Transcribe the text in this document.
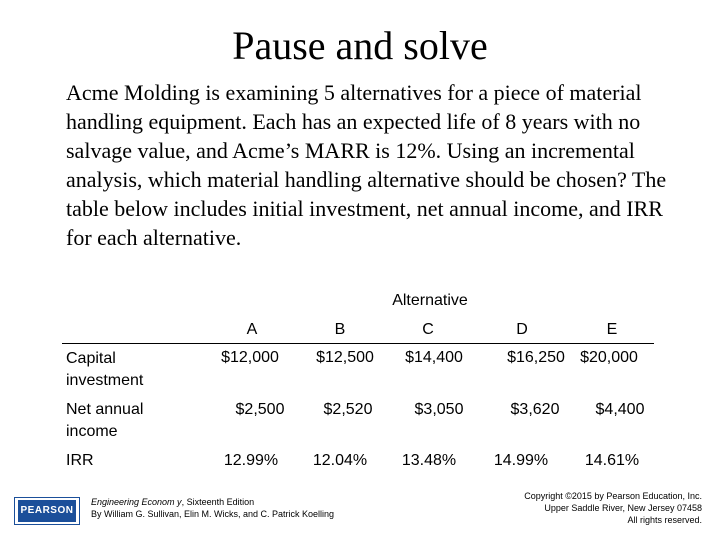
Pause and solve
Acme Molding is examining 5 alternatives for a piece of material handling equipment. Each has an expected life of 8 years with no salvage value, and Acme’s MARR is 12%. Using an incremental analysis, which material handling alternative should be chosen? The table below includes initial investment, net annual income, and IRR for each alternative.
Alternative
A	B	C	D	E
Capital
investment
$12,000	$12,500	$14,400	$16,250 $20,000
Net annual
income
$2,500	$2,520	$3,050	$3,620	$4,400
IRR	12.99%	12.04%	13.48%	14.99%	14.61%
PEARSON
Engineering Econom y, Sixteenth Edition
By William G. Sullivan, Elin M. Wicks, and C. Patrick Koelling
Copyright ©2015 by Pearson Education, Inc.
Upper Saddle River, New Jersey 07458
All rights reserved.
